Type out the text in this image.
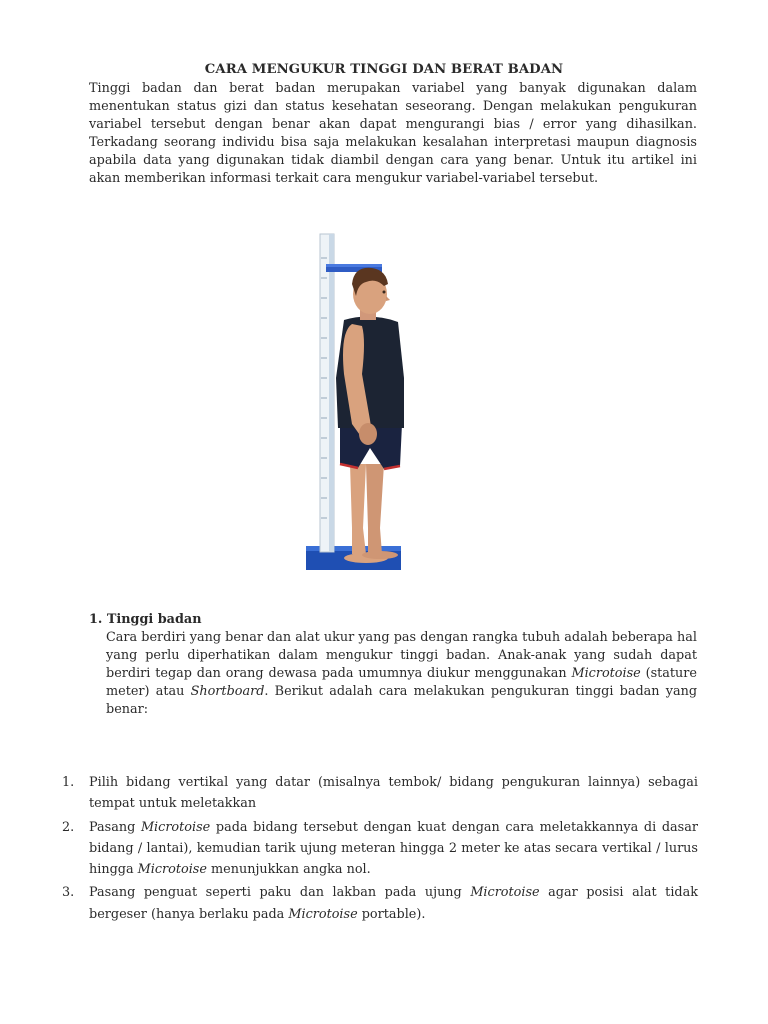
CARA MENGUKUR TINGGI DAN BERAT BADAN

Tinggi badan dan berat badan merupakan variabel yang banyak digunakan dalam menentukan status gizi dan status kesehatan seseorang. Dengan melakukan pengukuran variabel tersebut dengan benar akan dapat mengurangi bias / error yang dihasilkan. Terkadang seorang individu bisa saja melakukan kesalahan interpretasi maupun diagnosis apabila data yang digunakan tidak diambil dengan cara yang benar. Untuk itu artikel ini akan memberikan informasi terkait cara mengukur variabel-variabel tersebut.

1. Tinggi badan

Cara berdiri yang benar dan alat ukur yang pas dengan rangka tubuh adalah beberapa hal yang perlu diperhatikan dalam mengukur tinggi badan. Anak-anak yang sudah dapat berdiri tegap dan orang dewasa pada umumnya diukur menggunakan Microtoise (stature meter) atau Shortboard. Berikut adalah cara melakukan pengukuran tinggi badan yang benar:

1. Pilih bidang vertikal yang datar (misalnya tembok/ bidang pengukuran lainnya) sebagai tempat untuk meletakkan
2. Pasang Microtoise pada bidang tersebut dengan kuat dengan cara meletakkannya di dasar bidang / lantai), kemudian tarik ujung meteran hingga 2 meter ke atas secara vertikal / lurus hingga Microtoise menunjukkan angka nol.
3. Pasang penguat seperti paku dan lakban pada ujung Microtoise agar posisi alat tidak bergeser (hanya berlaku pada Microtoise portable).
